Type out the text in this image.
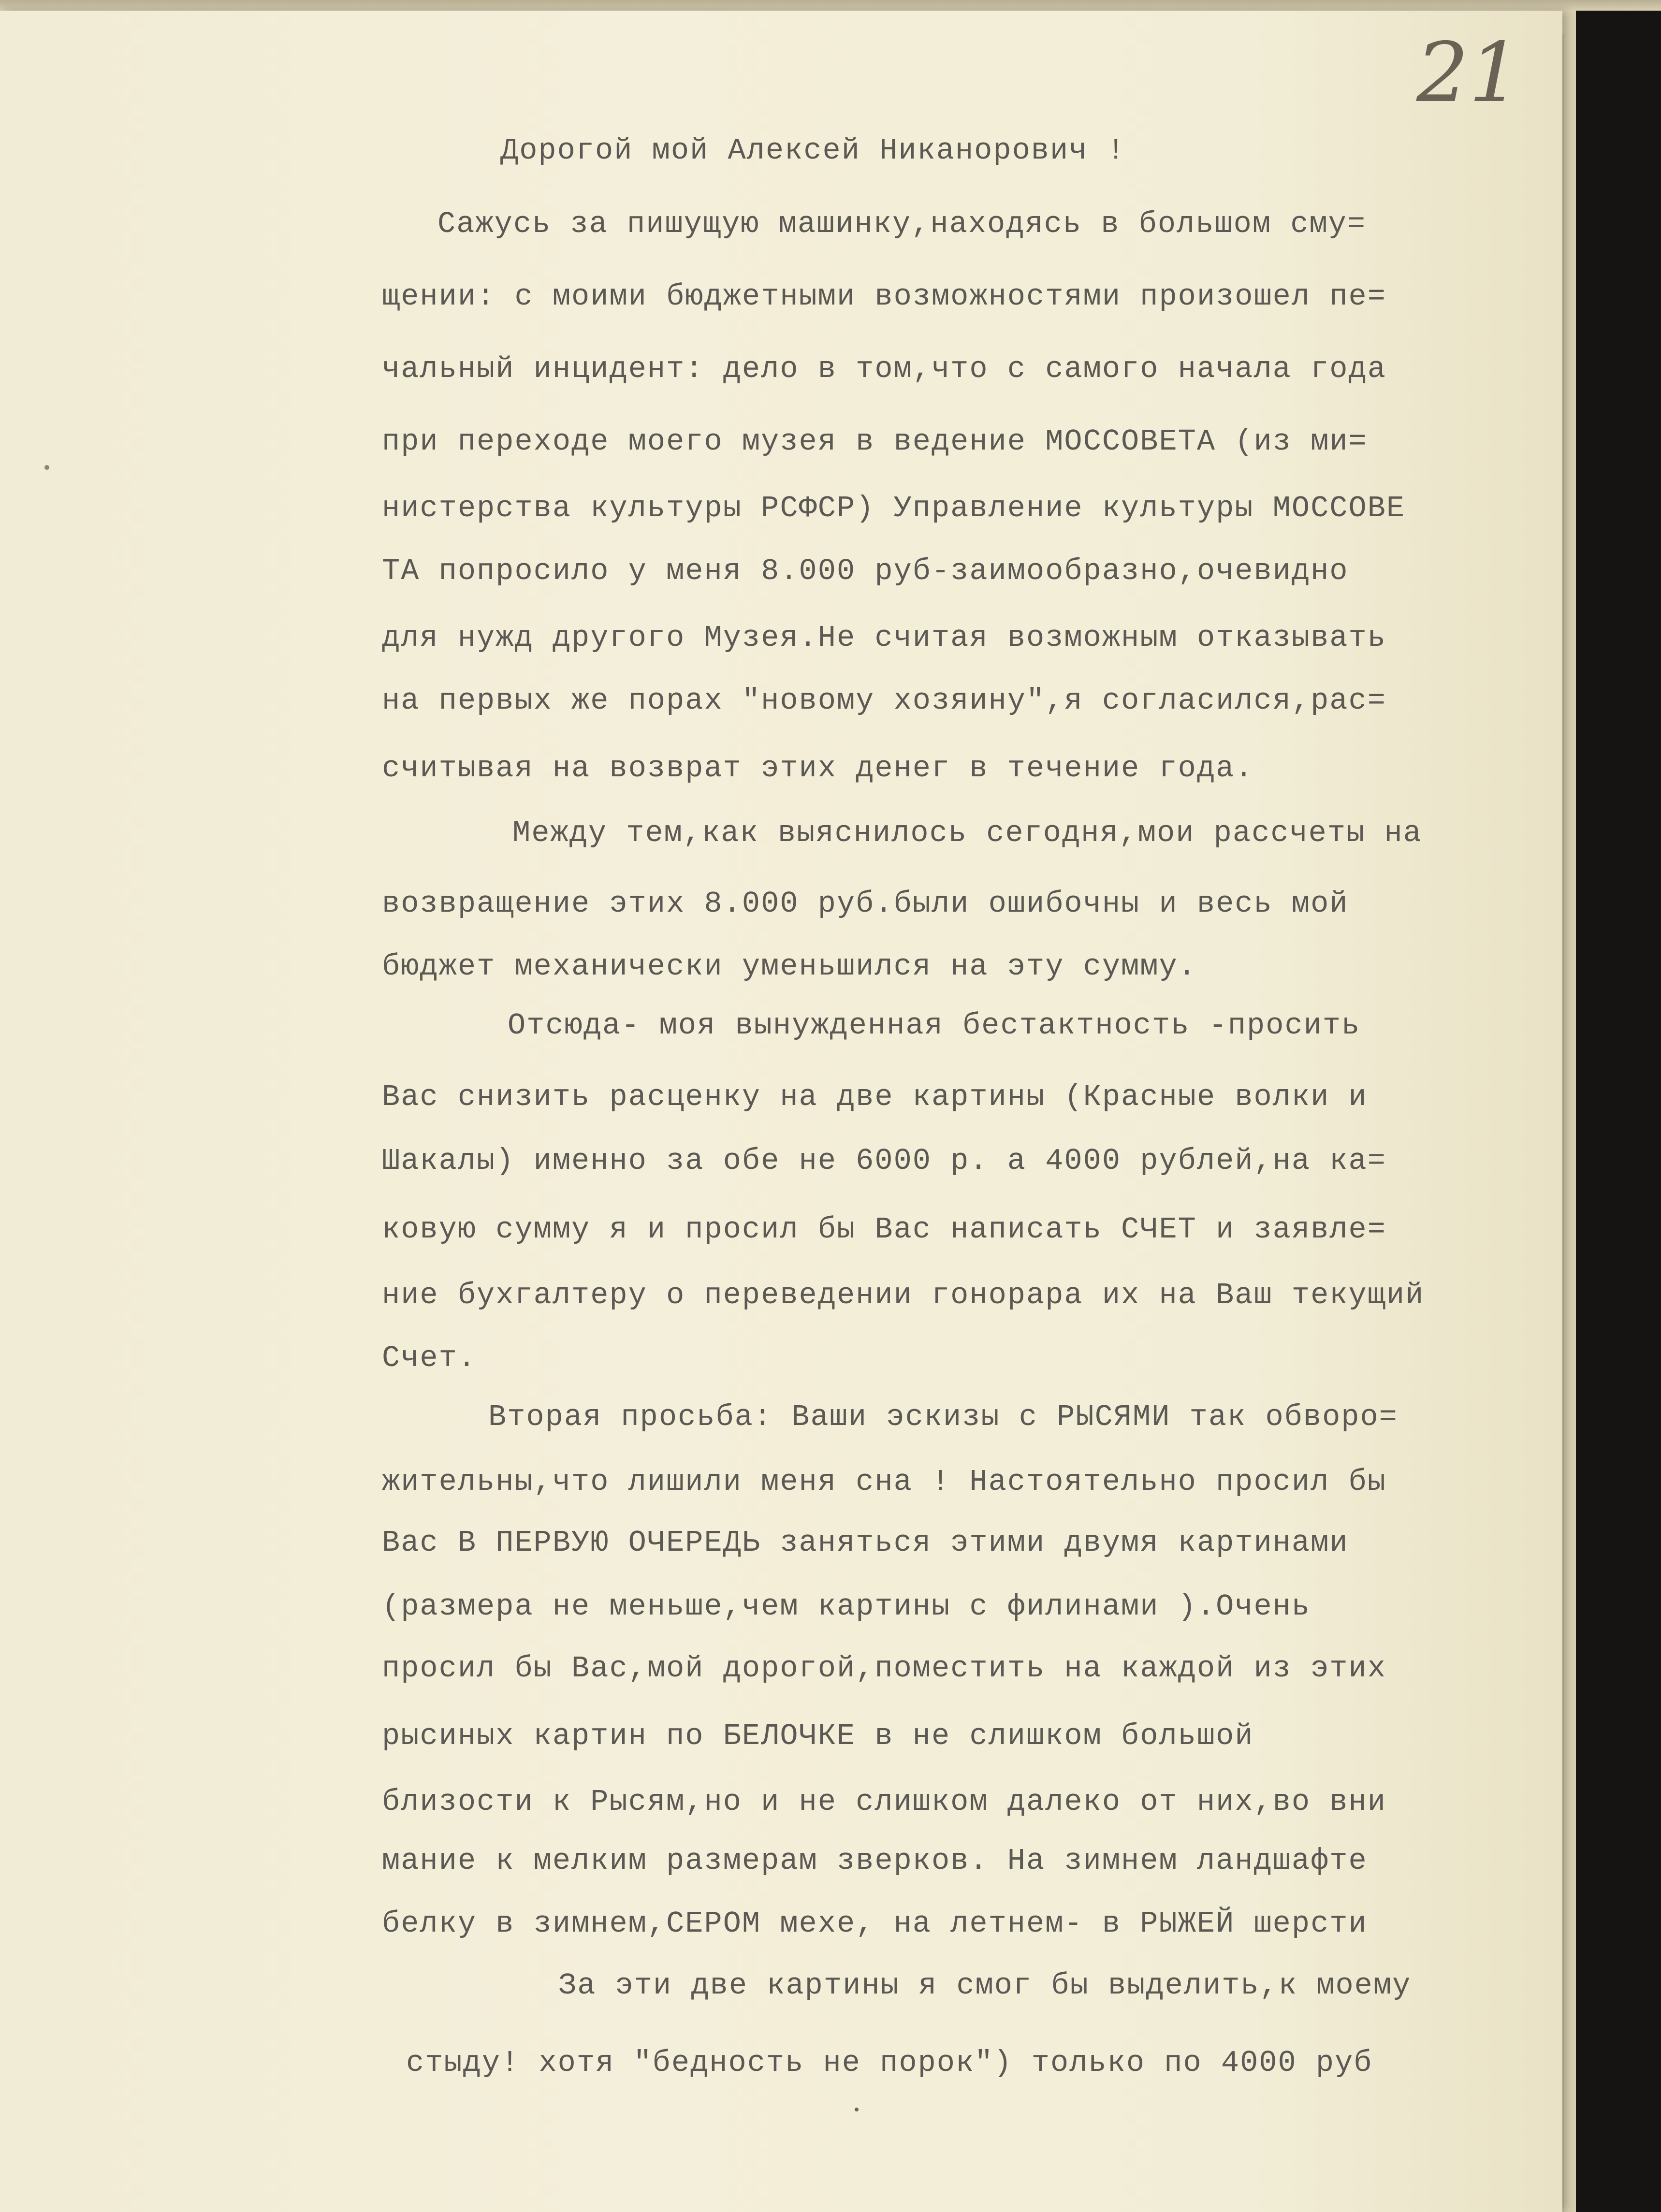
21

Дорогой мой Алексей Никанорович !

Сажусь за пишущую машинку,находясь в большом сму=

щении: с моими бюджетными возможностями произошел пе=

чальный инцидент: дело в том,что с самого начала года

при переходе моего музея в ведение МОССОВЕТА (из ми=

нистерства культуры РСФСР) Управление культуры МОССОВЕ

ТА попросило у меня 8.000 руб-заимообразно,очевидно

для нужд другого Музея.Не считая возможным отказывать

на первых же порах "новому хозяину",я согласился,рас=

считывая на возврат этих денег в течение года.

Между тем,как выяснилось сегодня,мои рассчеты на

возвращение этих 8.000 руб.были ошибочны и весь мой

бюджет механически уменьшился на эту сумму.

Отсюда- моя вынужденная бестактность -просить

Вас снизить расценку на две картины (Красные волки и

Шакалы) именно за обе не 6000 р. а 4000 рублей,на ка=

ковую сумму я и просил бы Вас написать СЧЕТ и заявле=

ние бухгалтеру о переведении гонорара их на Ваш текущий

Счет.

Вторая просьба: Ваши эскизы с РЫСЯМИ так обворо=

жительны,что лишили меня сна ! Настоятельно просил бы

Вас В ПЕРВУЮ ОЧЕРЕДЬ заняться этими двумя картинами

(размера не меньше,чем картины с филинами ).Очень

просил бы Вас,мой дорогой,поместить на каждой из этих

рысиных картин по БЕЛОЧКЕ в не слишком большой

близости к Рысям,но и не слишком далеко от них,во вни

мание к мелким размерам зверков. На зимнем ландшафте

белку в зимнем,СЕРОМ мехе, на летнем- в РЫЖЕЙ шерсти

За эти две картины я смог бы выделить,к моему

стыду! хотя "бедность не порок") только по 4000 руб
